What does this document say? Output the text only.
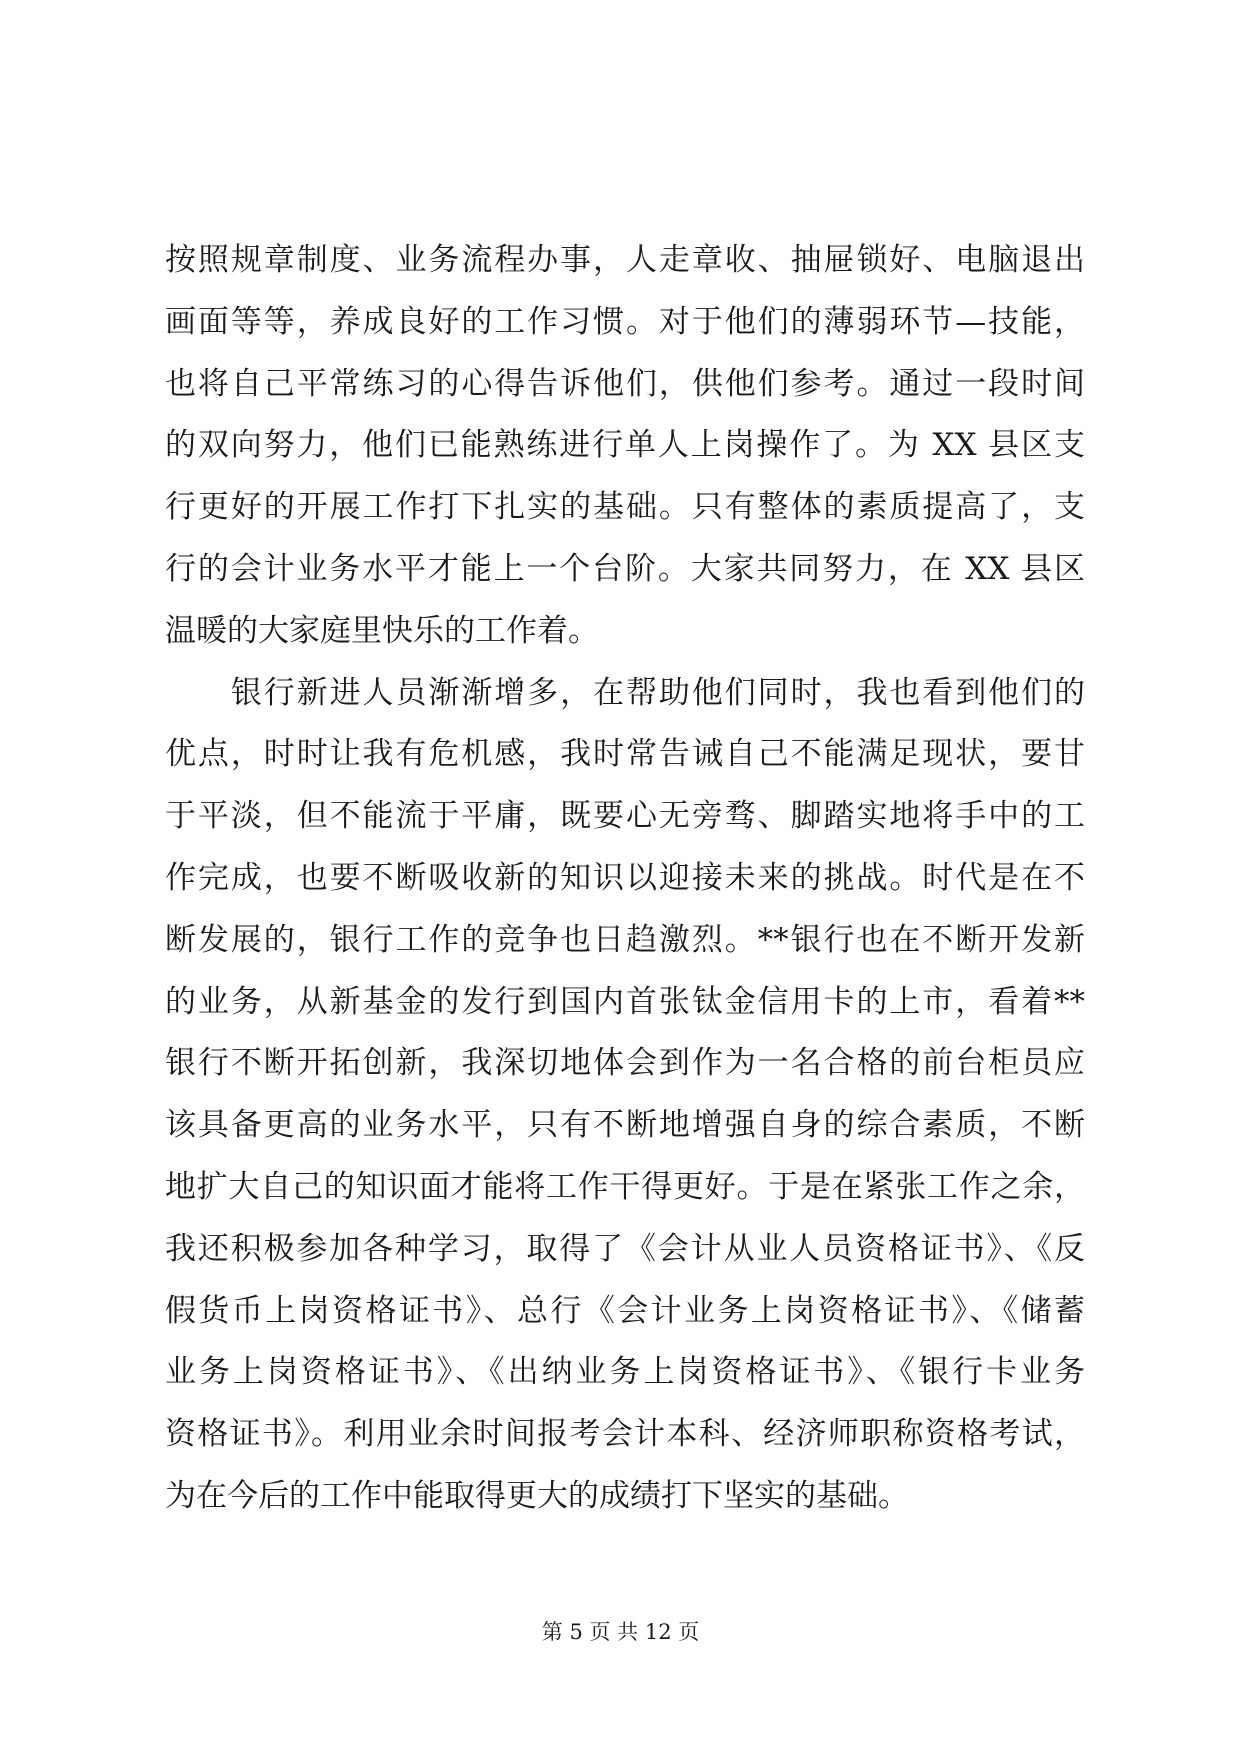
按照规章制度、业务流程办事，人走章收、抽屉锁好、电脑退出
画面等等，养成良好的工作习惯。对于他们的薄弱环节—技能，
也将自己平常练习的心得告诉他们，供他们参考。通过一段时间
的双向努力，他们已能熟练进行单人上岗操作了。为 XX 县区支
行更好的开展工作打下扎实的基础。只有整体的素质提高了，支
行的会计业务水平才能上一个台阶。大家共同努力，在 XX 县区
温暖的大家庭里快乐的工作着。
　　银行新进人员渐渐增多，在帮助他们同时，我也看到他们的
优点，时时让我有危机感，我时常告诫自己不能满足现状，要甘
于平淡，但不能流于平庸，既要心无旁骛、脚踏实地将手中的工
作完成，也要不断吸收新的知识以迎接未来的挑战。时代是在不
断发展的，银行工作的竞争也日趋激烈。**银行也在不断开发新
的业务，从新基金的发行到国内首张钛金信用卡的上市，看着**
银行不断开拓创新，我深切地体会到作为一名合格的前台柜员应
该具备更高的业务水平，只有不断地增强自身的综合素质，不断
地扩大自己的知识面才能将工作干得更好。于是在紧张工作之余，
我还积极参加各种学习，取得了《会计从业人员资格证书》、《反
假货币上岗资格证书》、总行《会计业务上岗资格证书》、《储蓄
业务上岗资格证书》、《出纳业务上岗资格证书》、《银行卡业务
资格证书》。利用业余时间报考会计本科、经济师职称资格考试，
为在今后的工作中能取得更大的成绩打下坚实的基础。
第 5 页 共 12 页
